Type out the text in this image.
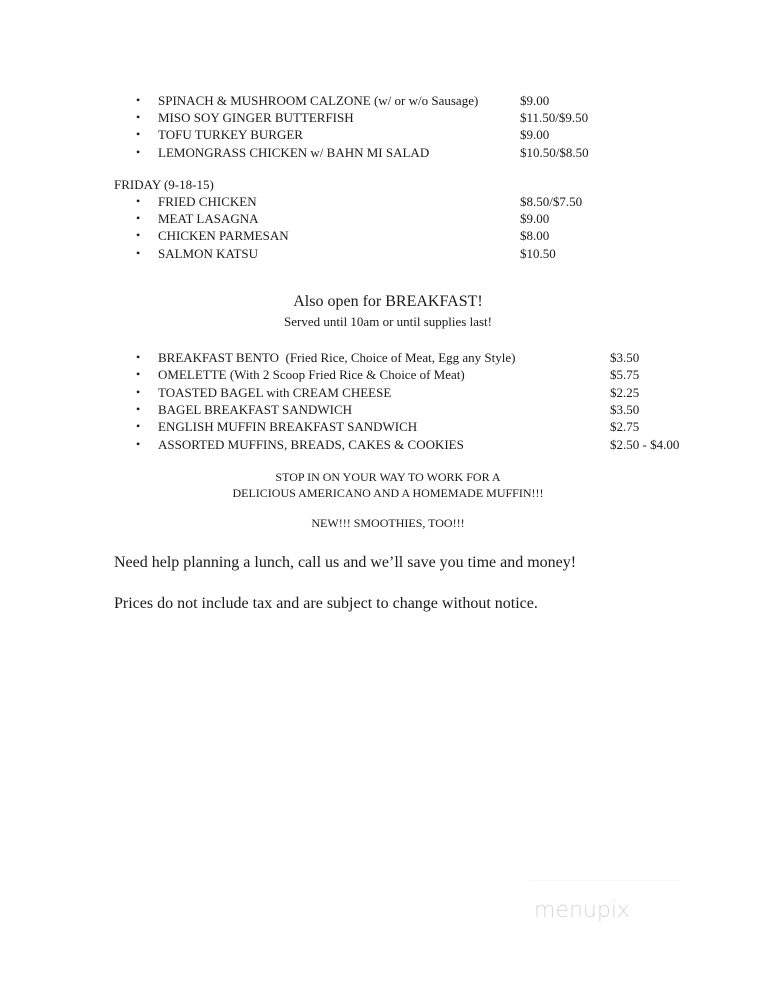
• SPINACH & MUSHROOM CALZONE (w/ or w/o Sausage)	$9.00
• MISO SOY GINGER BUTTERFISH	$11.50/$9.50
• TOFU TURKEY BURGER	$9.00
• LEMONGRASS CHICKEN w/ BAHN MI SALAD	$10.50/$8.50
FRIDAY (9-18-15)
• FRIED CHICKEN	$8.50/$7.50
• MEAT LASAGNA	$9.00
• CHICKEN PARMESAN	$8.00
• SALMON KATSU	$10.50
Also open for BREAKFAST!
Served until 10am or until supplies last!
• BREAKFAST BENTO  (Fried Rice, Choice of Meat, Egg any Style)	$3.50
• OMELETTE (With 2 Scoop Fried Rice & Choice of Meat)	$5.75
• TOASTED BAGEL with CREAM CHEESE	$2.25
• BAGEL BREAKFAST SANDWICH	$3.50
• ENGLISH MUFFIN BREAKFAST SANDWICH	$2.75
• ASSORTED MUFFINS, BREADS, CAKES & COOKIES	$2.50 - $4.00
STOP IN ON YOUR WAY TO WORK FOR A
DELICIOUS AMERICANO AND A HOMEMADE MUFFIN!!!
NEW!!! SMOOTHIES, TOO!!!
Need help planning a lunch, call us and we’ll save you time and money!
Prices do not include tax and are subject to change without notice.
menupix
